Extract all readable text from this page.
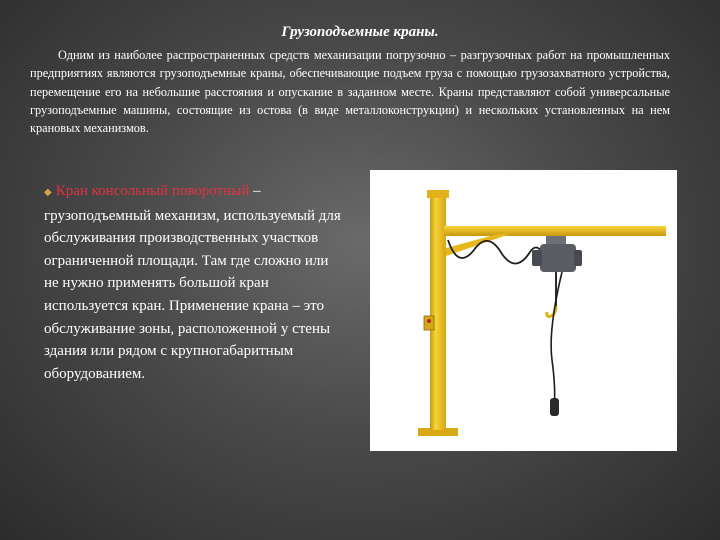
Грузоподъемные краны.

Одним из наиболее распространенных средств механизации погрузочно – разгрузочных работ на промышленных предприятиях являются грузоподъемные краны, обеспечивающие подъем груза с помощью грузозахватного устройства, перемещение его на небольшие расстояния и опускание в заданном месте. Краны представляют собой универсальные грузоподъемные машины, состоящие из остова (в виде металлоконструкции) и нескольких установленных на нем крановых механизмов.

◆ Кран консольный поворотный – грузоподъемный механизм, используемый для обслуживания производственных участков ограниченной площади. Там где сложно или не нужно применять большой кран используется кран. Применение крана – это обслуживание зоны, расположенной у стены здания или рядом с крупногабаритным оборудованием.
